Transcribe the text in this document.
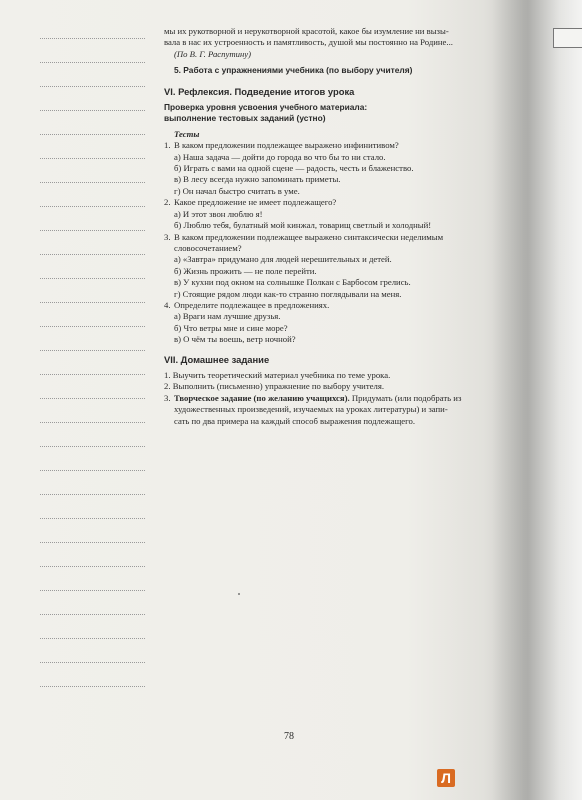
мы их рукотворной и нерукотворной красотой, какое бы изумление ни вызы-

вала в нас их устроенность и памятливость, душой мы постоянно на Родине...

(По В. Г. Распутину)

5. Работа с упражнениями учебника (по выбору учителя)

VI. Рефлексия. Подведение итогов урока

Проверка уровня усвоения учебного материала:

выполнение тестовых заданий (устно)

Тесты

1. В каком предложении подлежащее выражено инфинитивом?

а) Наша задача — дойти до города во что бы то ни стало.

б) Играть с вами на одной сцене — радость, честь и блаженство.

в) В лесу всегда нужно запоминать приметы.

г) Он начал быстро считать в уме.

2. Какое предложение не имеет подлежащего?

а) И этот звон люблю я!

б) Люблю тебя, булатный мой кинжал, товарищ светлый и холодный!

3. В каком предложении подлежащее выражено синтаксически неделимым

словосочетанием?

а) «Завтра» придумано для людей нерешительных и детей.

б) Жизнь прожить — не поле перейти.

в) У кухни под окном на солнышке Полкан с Барбосом грелись.

г) Стоящие рядом люди как-то странно поглядывали на меня.

4. Определите подлежащее в предложениях.

а) Враги нам лучшие друзья.

б) Что ветры мне и сине море?

в) О чём ты воешь, ветр ночной?

VII. Домашнее задание

1. Выучить теоретический материал учебника по теме урока.

2. Выполнить (письменно) упражнение по выбору учителя.

3. Творческое задание (по желанию учащихся). Придумать (или подобрать из

художественных произведений, изучаемых на уроках литературы) и запи-

сать по два примера на каждый способ выражения подлежащего.

78
Л
